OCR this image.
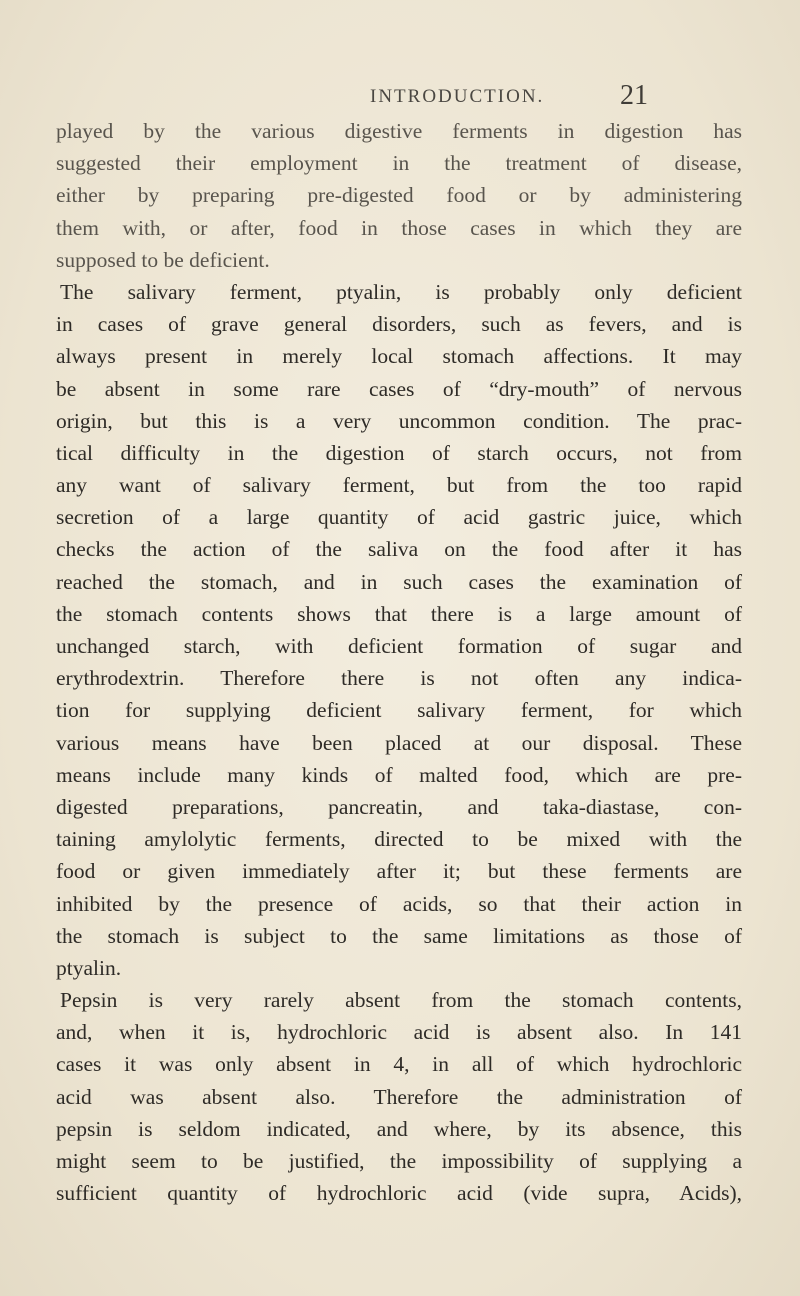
INTRODUCTION.	21
played by the various digestive ferments in digestion has
suggested their employment in the treatment of disease,
either by preparing pre-digested food or by administering
them with, or after, food in those cases in which they are
supposed to be deficient.
The salivary ferment, ptyalin, is probably only deficient
in cases of grave general disorders, such as fevers, and is
always present in merely local stomach affections. It may
be absent in some rare cases of “dry-mouth” of nervous
origin, but this is a very uncommon condition. The prac-
tical difficulty in the digestion of starch occurs, not from
any want of salivary ferment, but from the too rapid
secretion of a large quantity of acid gastric juice, which
checks the action of the saliva on the food after it has
reached the stomach, and in such cases the examination of
the stomach contents shows that there is a large amount of
unchanged starch, with deficient formation of sugar and
erythrodextrin. Therefore there is not often any indica-
tion for supplying deficient salivary ferment, for which
various means have been placed at our disposal. These
means include many kinds of malted food, which are pre-
digested preparations, pancreatin, and taka-diastase, con-
taining amylolytic ferments, directed to be mixed with the
food or given immediately after it; but these ferments are
inhibited by the presence of acids, so that their action in
the stomach is subject to the same limitations as those of
ptyalin.
Pepsin is very rarely absent from the stomach contents,
and, when it is, hydrochloric acid is absent also. In 141
cases it was only absent in 4, in all of which hydrochloric
acid was absent also. Therefore the administration of
pepsin is seldom indicated, and where, by its absence, this
might seem to be justified, the impossibility of supplying a
sufficient quantity of hydrochloric acid (vide supra, Acids),
